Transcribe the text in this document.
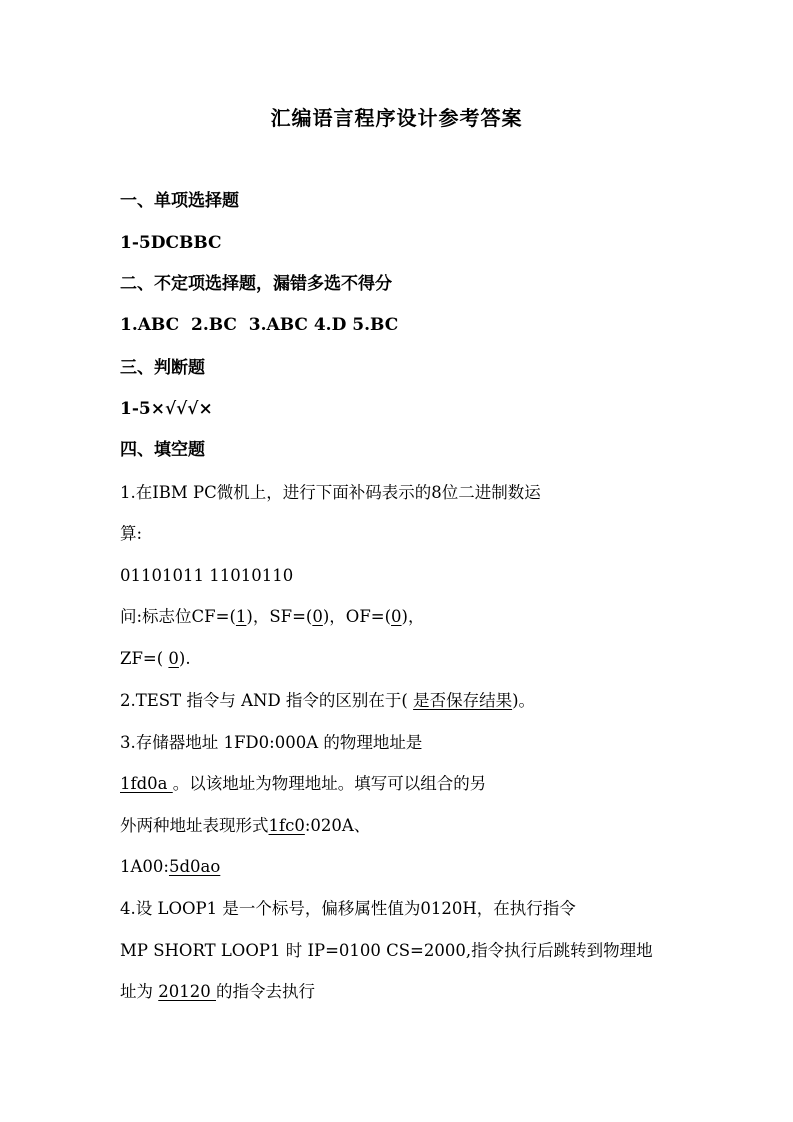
汇编语言程序设计参考答案
一、单项选择题
1-5DCBBC
二、不定项选择题，漏错多选不得分
1.ABC  2.BC  3.ABC 4.D 5.BC
三、判断题
1-5×√√√×
四、填空题
1.在IBM PC微机上，进行下面补码表示的8位二进制数运
算:
01101011 11010110
问:标志位CF=(1)，SF=(0)，OF=(0)，
ZF=( 0).
2.TEST 指令与 AND 指令的区别在于( 是否保存结果)。
3.存储器地址 1FD0:000A 的物理地址是
1fd0a 。以该地址为物理地址。填写可以组合的另
外两种地址表现形式1fc0:020A、
1A00:5d0ao
4.设 LOOP1 是一个标号，偏移属性值为0120H，在执行指令
MP SHORT LOOP1 时 IP=0100 CS=2000,指令执行后跳转到物理地
址为 20120 的指令去执行
